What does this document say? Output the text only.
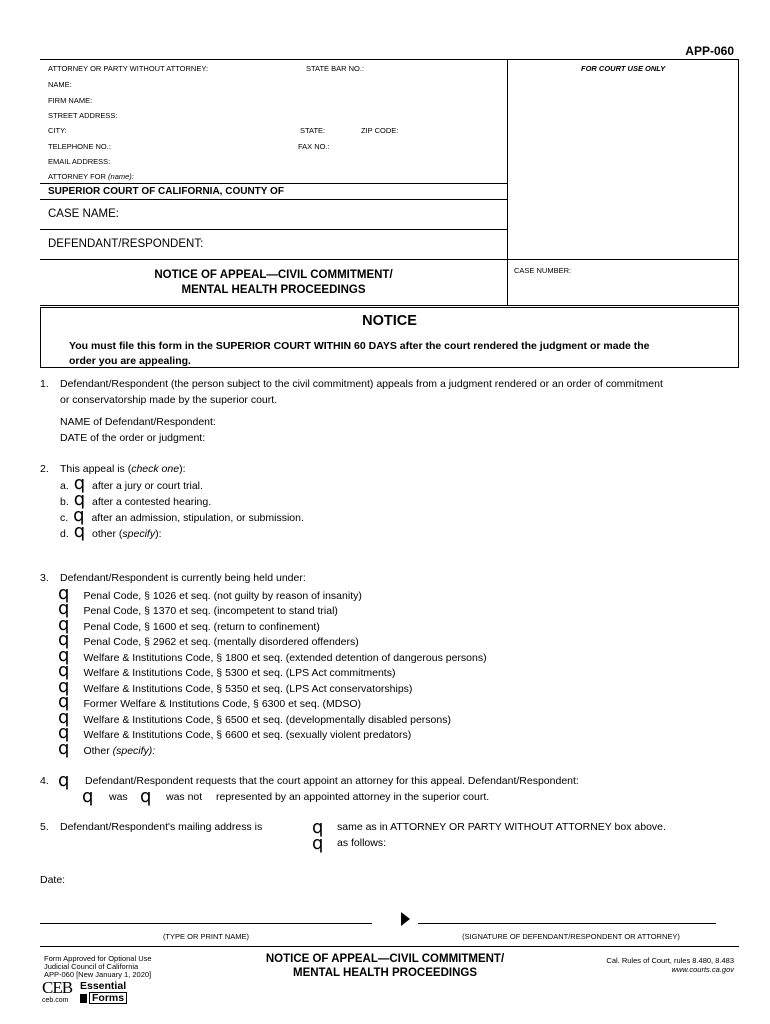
APP-060
ATTORNEY OR PARTY WITHOUT ATTORNEY:	STATE BAR NO.:	FOR COURT USE ONLY
NAME:
FIRM NAME:
STREET ADDRESS:
CITY:	STATE:	ZIP CODE:
TELEPHONE NO.:	FAX NO.:
EMAIL ADDRESS:
ATTORNEY FOR (name):
SUPERIOR COURT OF CALIFORNIA, COUNTY OF
CASE NAME:
DEFENDANT/RESPONDENT:
NOTICE OF APPEAL—CIVIL COMMITMENT/
MENTAL HEALTH PROCEEDINGS
CASE NUMBER:
NOTICE
You must file this form in the SUPERIOR COURT WITHIN 60 DAYS after the court rendered the judgment or made the
order you are appealing.
1. Defendant/Respondent (the person subject to the civil commitment) appeals from a judgment rendered or an order of commitment
or conservatorship made by the superior court.
NAME of Defendant/Respondent:
DATE of the order or judgment:
2. This appeal is (check one):
a. q after a jury or court trial.
b. q after a contested hearing.
c. q after an admission, stipulation, or submission.
d. q other (specify):
3. Defendant/Respondent is currently being held under:
q Penal Code, § 1026 et seq. (not guilty by reason of insanity)
q Penal Code, § 1370 et seq. (incompetent to stand trial)
q Penal Code, § 1600 et seq. (return to confinement)
q Penal Code, § 2962 et seq. (mentally disordered offenders)
q Welfare & Institutions Code, § 1800 et seq. (extended detention of dangerous persons)
q Welfare & Institutions Code, § 5300 et seq. (LPS Act commitments)
q Welfare & Institutions Code, § 5350 et seq. (LPS Act conservatorships)
q Former Welfare & Institutions Code, § 6300 et seq. (MDSO)
q Welfare & Institutions Code, § 6500 et seq. (developmentally disabled persons)
q Welfare & Institutions Code, § 6600 et seq. (sexually violent predators)
q Other (specify):
4. q Defendant/Respondent requests that the court appoint an attorney for this appeal. Defendant/Respondent:
q was q was not represented by an appointed attorney in the superior court.
5. Defendant/Respondent's mailing address is	q same as in ATTORNEY OR PARTY WITHOUT ATTORNEY box above.
q as follows:
Date:
(TYPE OR PRINT NAME)	(SIGNATURE OF DEFENDANT/RESPONDENT OR ATTORNEY)
Form Approved for Optional Use
Judicial Council of California
APP-060 [New January 1, 2020]
NOTICE OF APPEAL—CIVIL COMMITMENT/
MENTAL HEALTH PROCEEDINGS
Cal. Rules of Court, rules 8.480, 8.483
www.courts.ca.gov
CEB
ceb.com
Essential
Forms
